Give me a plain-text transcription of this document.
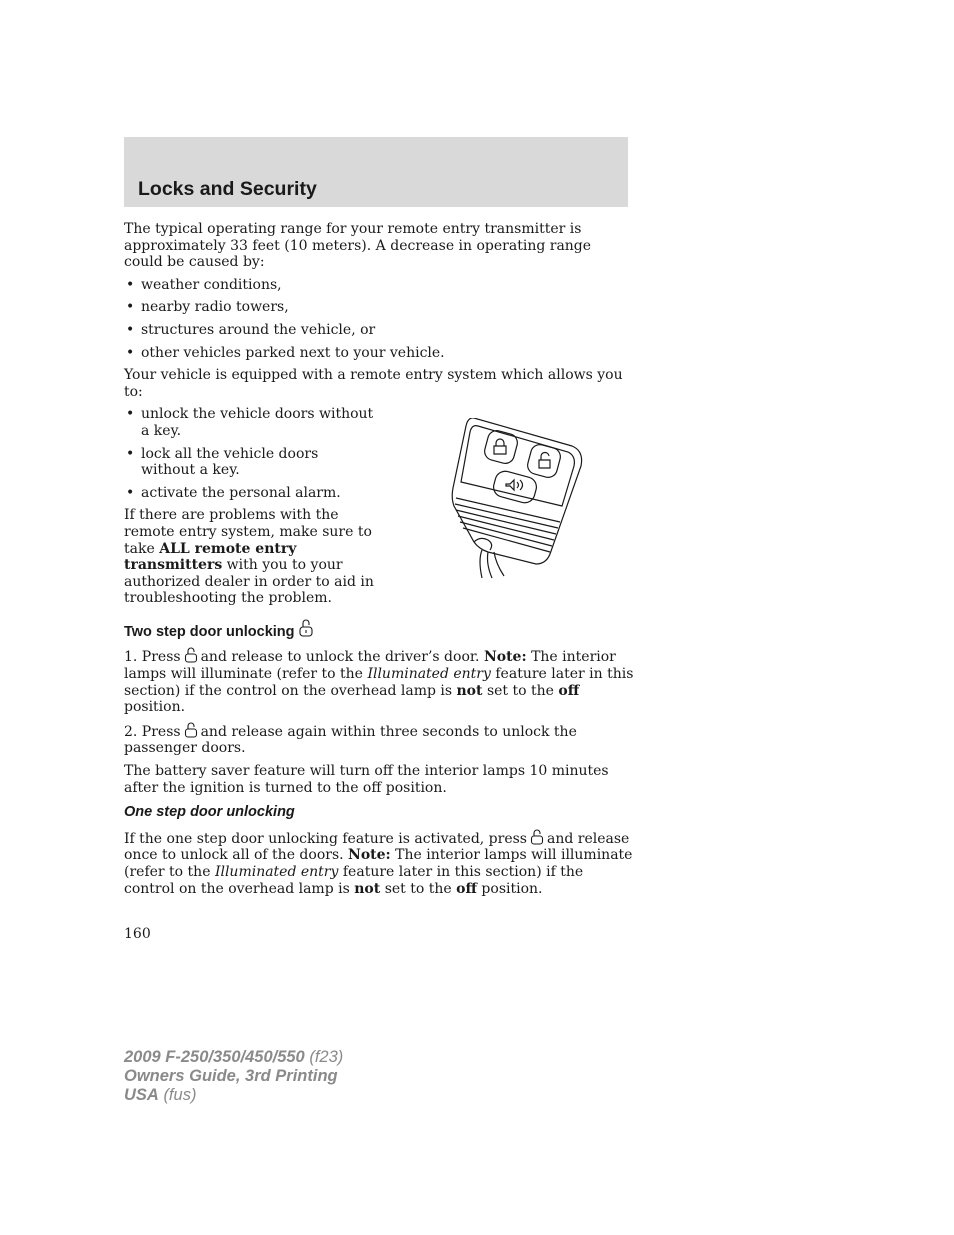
Locks and Security

The typical operating range for your remote entry transmitter is approximately 33 feet (10 meters). A decrease in operating range could be caused by:

• weather conditions,
• nearby radio towers,
• structures around the vehicle, or
• other vehicles parked next to your vehicle.

Your vehicle is equipped with a remote entry system which allows you to:

• unlock the vehicle doors without a key.
• lock all the vehicle doors without a key.
• activate the personal alarm.

If there are problems with the remote entry system, make sure to take ALL remote entry transmitters with you to your authorized dealer in order to aid in troubleshooting the problem.

Two step door unlocking

1. Press and release to unlock the driver’s door. Note: The interior lamps will illuminate (refer to the Illuminated entry feature later in this section) if the control on the overhead lamp is not set to the off position.

2. Press and release again within three seconds to unlock the passenger doors.

The battery saver feature will turn off the interior lamps 10 minutes after the ignition is turned to the off position.

One step door unlocking

If the one step door unlocking feature is activated, press and release once to unlock all of the doors. Note: The interior lamps will illuminate (refer to the Illuminated entry feature later in this section) if the control on the overhead lamp is not set to the off position.

160
2009 F-250/350/450/550 (f23)
Owners Guide, 3rd Printing
USA (fus)
